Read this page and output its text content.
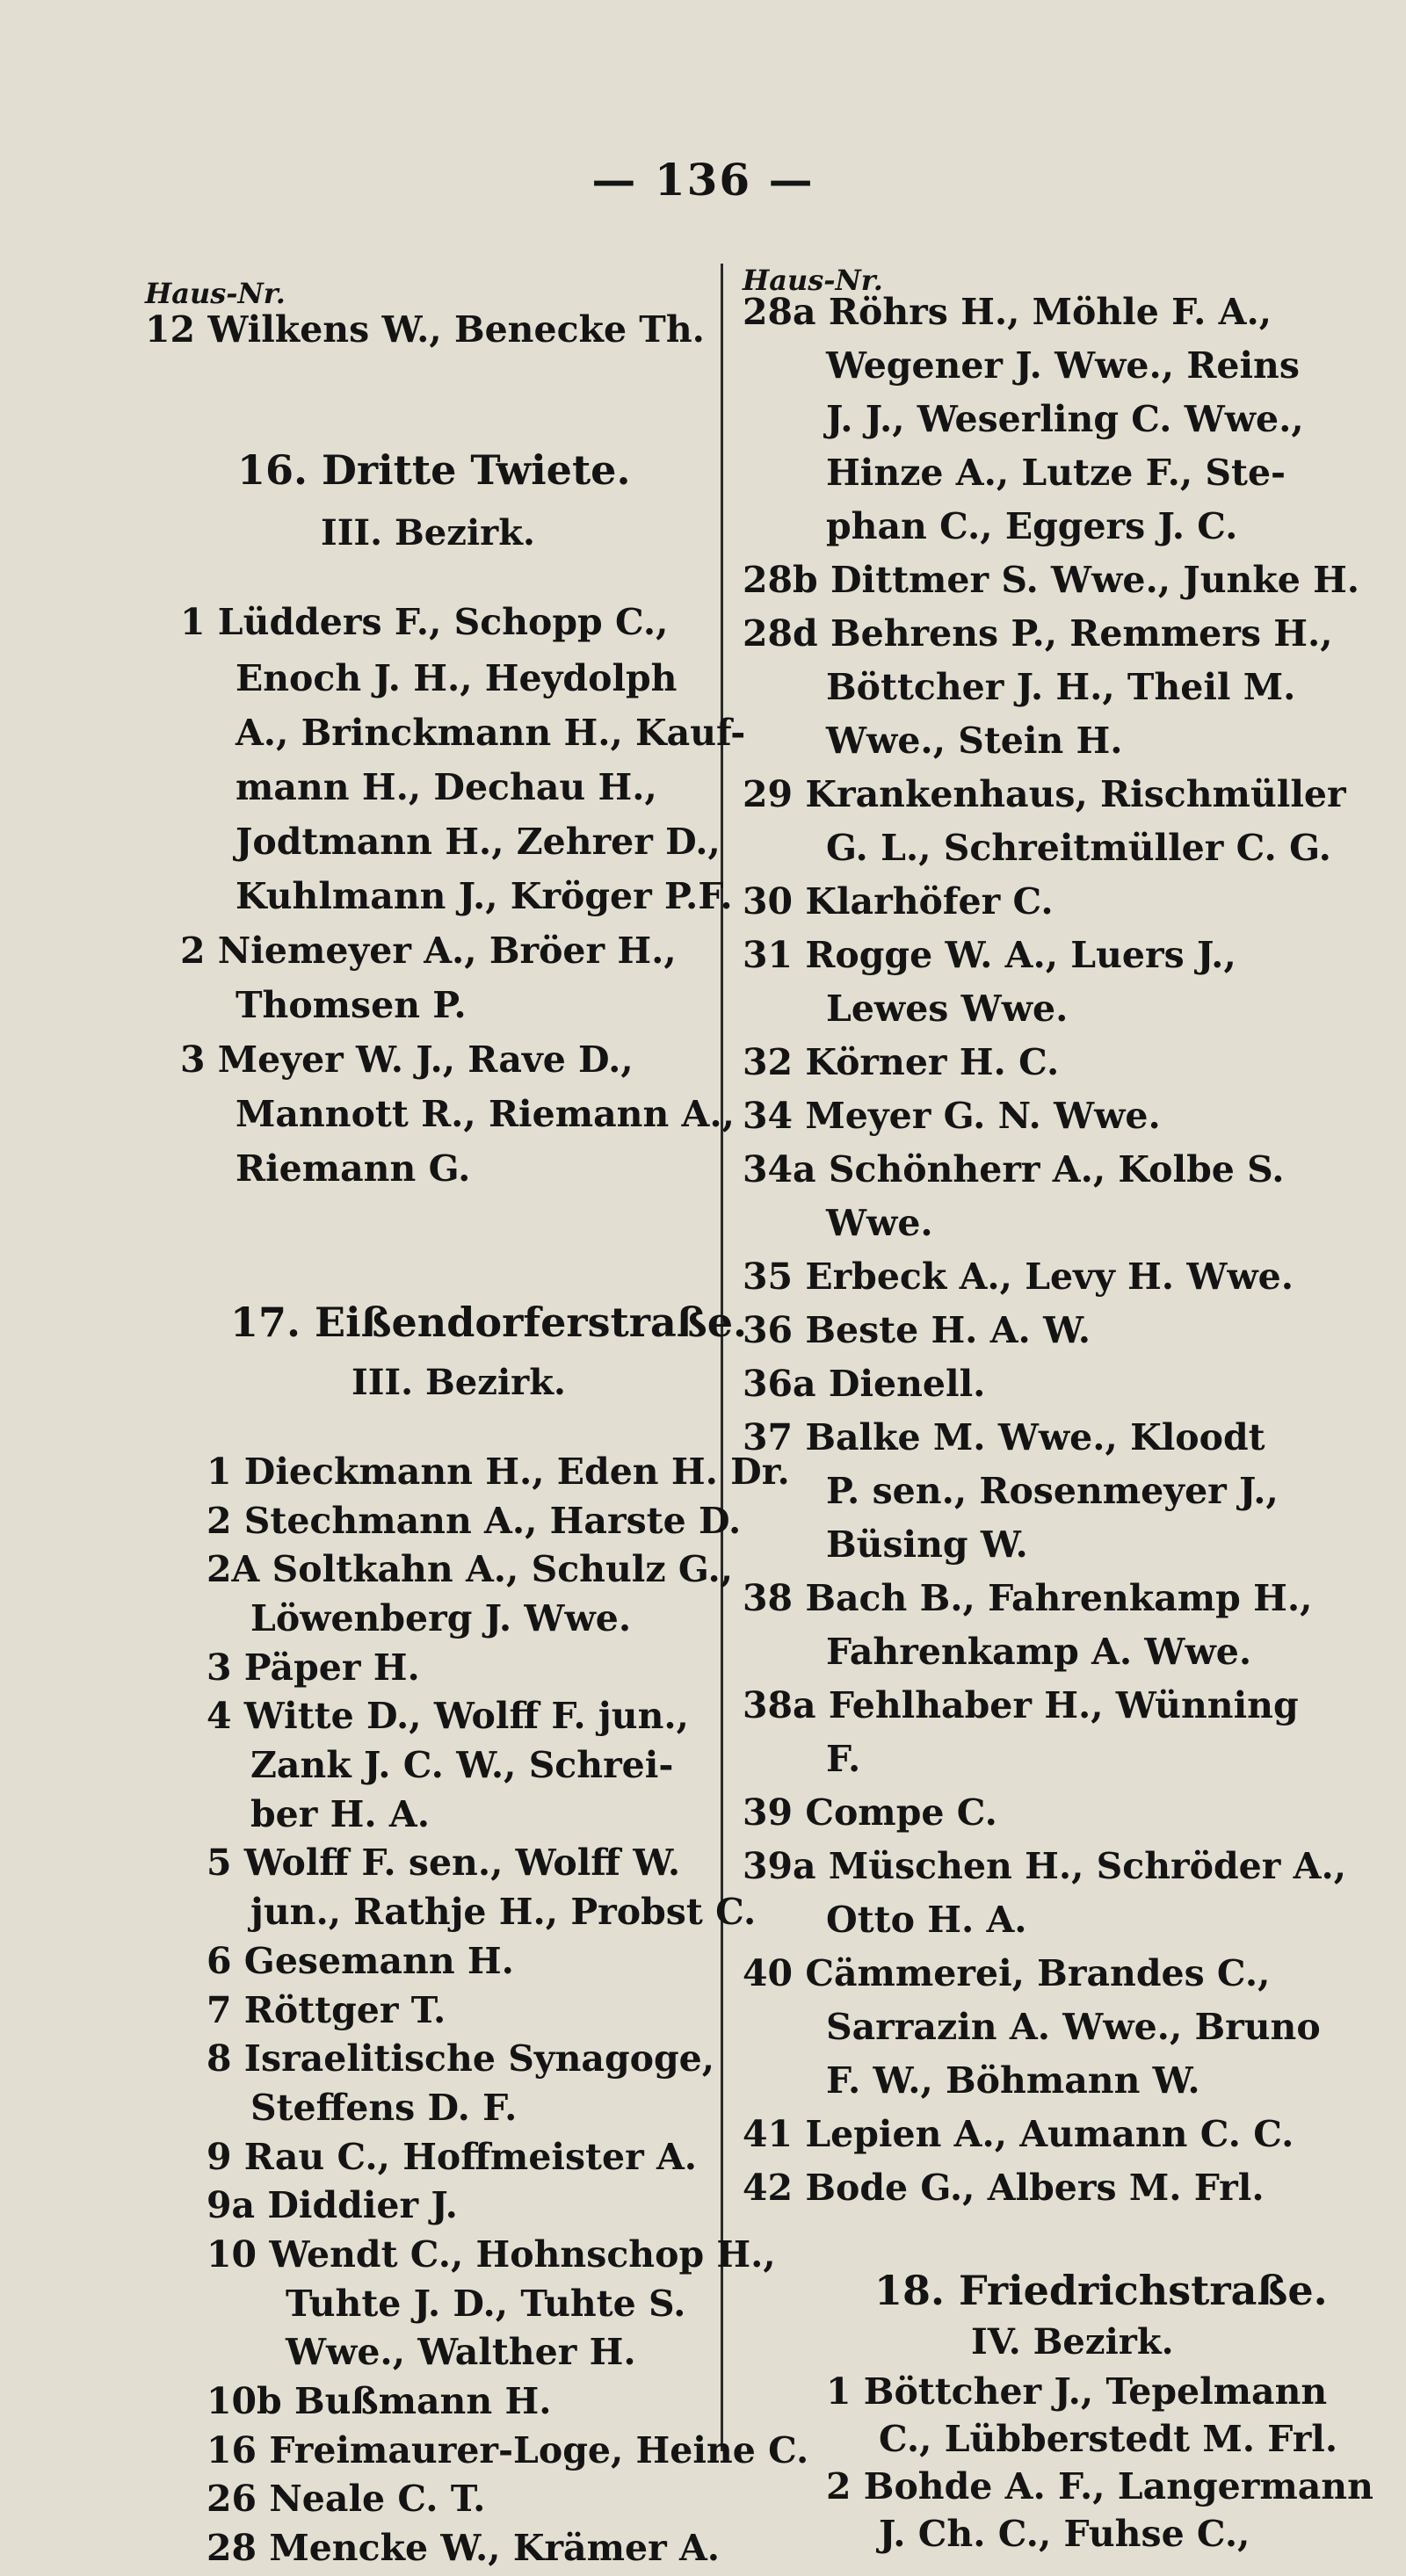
— 136 —
Haus-Nr.
12 Wilkens W., Benecke Th.
16. Dritte Twiete.
III. Bezirk.
1 Lüdders F., Schopp C.,
Enoch J. H., Heydolph
A., Brinckmann H., Kauf-
mann H., Dechau H.,
Jodtmann H., Zehrer D.,
Kuhlmann J., Kröger P.F.
2 Niemeyer A., Bröer H.,
Thomsen P.
3 Meyer W. J., Rave D.,
Mannott R., Riemann A.,
Riemann G.
17. Eißendorferstraße.
III. Bezirk.
1 Dieckmann H., Eden H. Dr.
2 Stechmann A., Harste D.
2A Soltkahn A., Schulz G.,
Löwenberg J. Wwe.
3 Päper H.
4 Witte D., Wolff F. jun.,
Zank J. C. W., Schrei-
ber H. A.
5 Wolff F. sen., Wolff W.
jun., Rathje H., Probst C.
6 Gesemann H.
7 Röttger T.
8 Israelitische Synagoge,
Steffens D. F.
9 Rau C., Hoffmeister A.
9a Diddier J.
10 Wendt C., Hohnschop H.,
Tuhte J. D., Tuhte S.
Wwe., Walther H.
10b Bußmann H.
16 Freimaurer-Loge, Heine C.
26 Neale C. T.
28 Mencke W., Krämer A.
Haus-Nr.
28a Röhrs H., Möhle F. A.,
Wegener J. Wwe., Reins
J. J., Weserling C. Wwe.,
Hinze A., Lutze F., Ste-
phan C., Eggers J. C.
28b Dittmer S. Wwe., Junke H.
28d Behrens P., Remmers H.,
Böttcher J. H., Theil M.
Wwe., Stein H.
29 Krankenhaus, Rischmüller
G. L., Schreitmüller C. G.
30 Klarhöfer C.
31 Rogge W. A., Luers J.,
Lewes Wwe.
32 Körner H. C.
34 Meyer G. N. Wwe.
34a Schönherr A., Kolbe S.
Wwe.
35 Erbeck A., Levy H. Wwe.
36 Beste H. A. W.
36a Dienell.
37 Balke M. Wwe., Kloodt
P. sen., Rosenmeyer J.,
Büsing W.
38 Bach B., Fahrenkamp H.,
Fahrenkamp A. Wwe.
38a Fehlhaber H., Wünning
F.
39 Compe C.
39a Müschen H., Schröder A.,
Otto H. A.
40 Cämmerei, Brandes C.,
Sarrazin A. Wwe., Bruno
F. W., Böhmann W.
41 Lepien A., Aumann C. C.
42 Bode G., Albers M. Frl.
18. Friedrichstraße.
IV. Bezirk.
1 Böttcher J., Tepelmann
C., Lübberstedt M. Frl.
2 Bohde A. F., Langermann
J. Ch. C., Fuhse C.,
